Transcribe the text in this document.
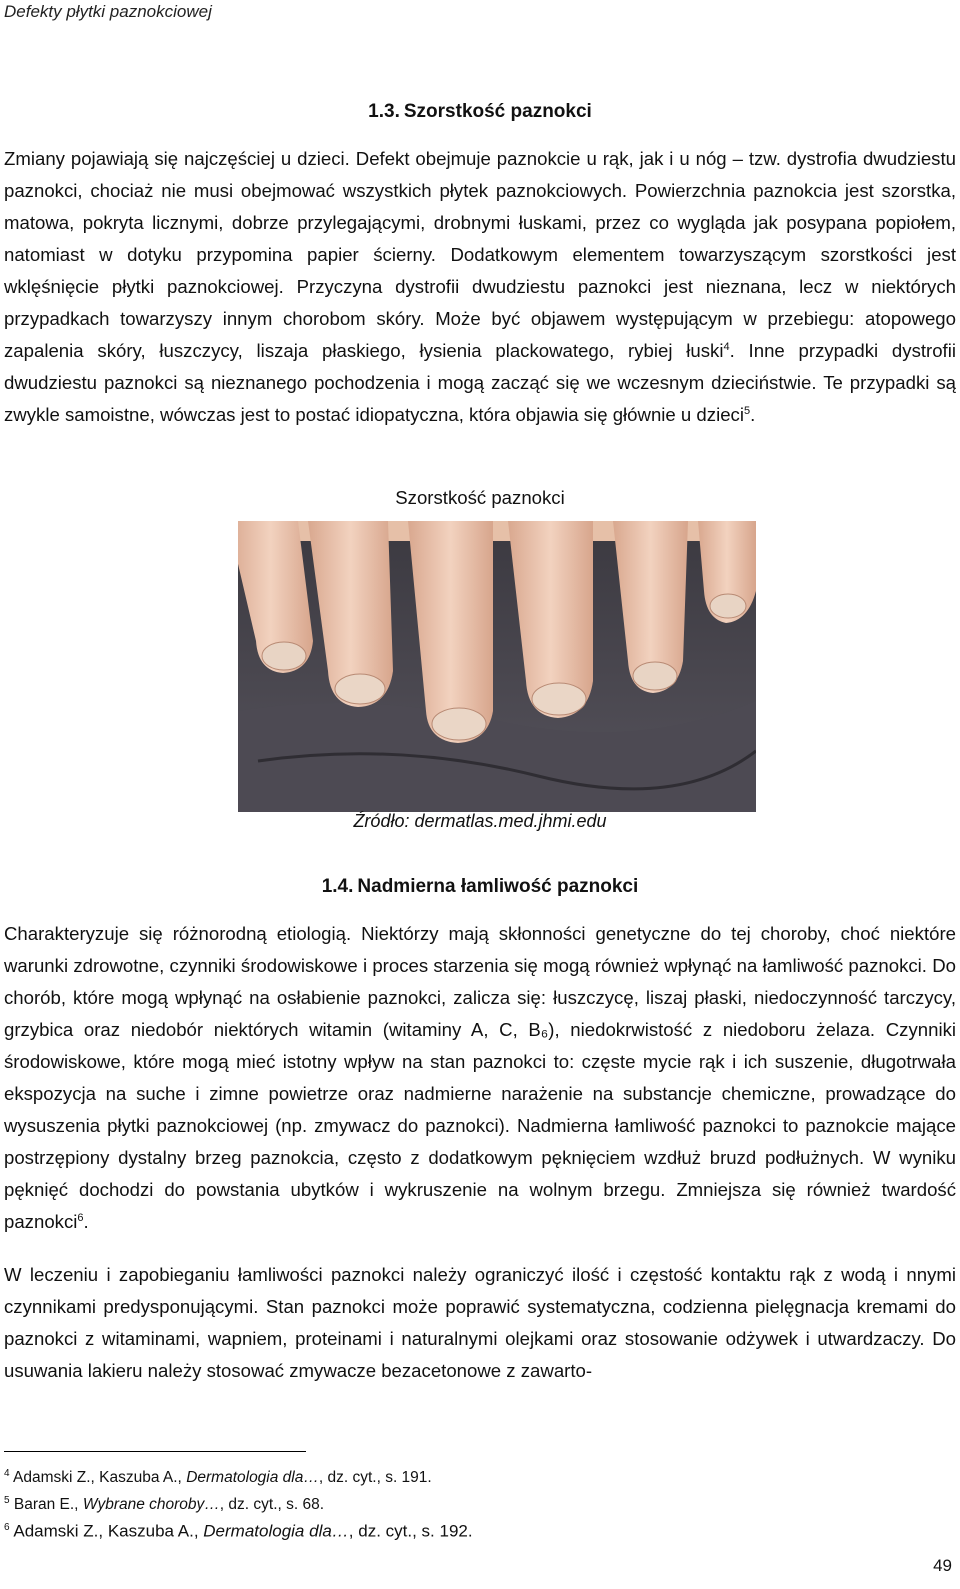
Defekty płytki paznokciowej
1.3. Szorstkość paznokci

Zmiany pojawiają się najczęściej u dzieci. Defekt obejmuje paznokcie u rąk, jak i u nóg – tzw. dystrofia dwudziestu paznokci, chociaż nie musi obejmować wszystkich płytek paznokciowych. Powierzchnia paznokcia jest szorstka, matowa, pokryta licznymi, dobrze przylegającymi, drobnymi łuskami, przez co wygląda jak posypana popiołem, natomiast w dotyku przypomina papier ścierny. Dodatkowym elementem towarzyszącym szorstkości jest wklęśnięcie płytki paznokciowej. Przyczyna dystrofii dwudziestu paznokci jest nieznana, lecz w niektórych przypadkach towarzyszy innym chorobom skóry. Może być objawem występującym w przebiegu: atopowego zapalenia skóry, łuszczycy, liszaja płaskiego, łysienia plackowatego, rybiej łuski$^4$. Inne przypadki dystrofii dwudziestu paznokci są nieznanego pochodzenia i mogą zacząć się we wczesnym dzieciństwie. Te przypadki są zwykle samoistne, wówczas jest to postać idiopatyczna, która objawia się głównie u dzieci$^5$.

Szorstkość paznokci
Źródło: dermatlas.med.jhmi.edu
1.4. Nadmierna łamliwość paznokci

Charakteryzuje się różnorodną etiologią. Niektórzy mają skłonności genetyczne do tej choroby, choć niektóre warunki zdrowotne, czynniki środowiskowe i proces starzenia się mogą również wpłynąć na łamliwość paznokci. Do chorób, które mogą wpłynąć na osłabienie paznokci, zalicza się: łuszczycę, liszaj płaski, niedoczynność tarczycy, grzybica oraz niedobór niektórych witamin (witaminy A, C, B₆), niedokrwistość z niedoboru żelaza. Czynniki środowiskowe, które mogą mieć istotny wpływ na stan paznokci to: częste mycie rąk i ich suszenie, długotrwała ekspozycja na suche i zimne powietrze oraz nadmierne narażenie na substancje chemiczne, prowadzące do wysuszenia płytki paznokciowej (np. zmywacz do paznokci). Nadmierna łamliwość paznokci to paznokcie mające postrzępiony dystalny brzeg paznokcia, często z dodatkowym pęknięciem wzdłuż bruzd podłużnych. W wyniku pęknięć dochodzi do powstania ubytków i wykruszenie na wolnym brzegu. Zmniejsza się również twardość paznokci$^6$.

W leczeniu i zapobieganiu łamliwości paznokci należy ograniczyć ilość i częstość kontaktu rąk z wodą i nnymi czynnikami predysponującymi. Stan paznokci może poprawić systematyczna, codzienna pielęgnacja kremami do paznokci z witaminami, wapniem, proteinami i naturalnymi olejkami oraz stosowanie odżywek i utwardzaczy. Do usuwania lakieru należy stosować zmywacze bezacetonowe z zawarto-

$^4$ Adamski Z., Kaszuba A., Dermatologia dla…, dz. cyt., s. 191.
$^5$ Baran E., Wybrane choroby…, dz. cyt., s. 68.
$^6$ Adamski Z., Kaszuba A., Dermatologia dla…, dz. cyt., s. 192.
49
